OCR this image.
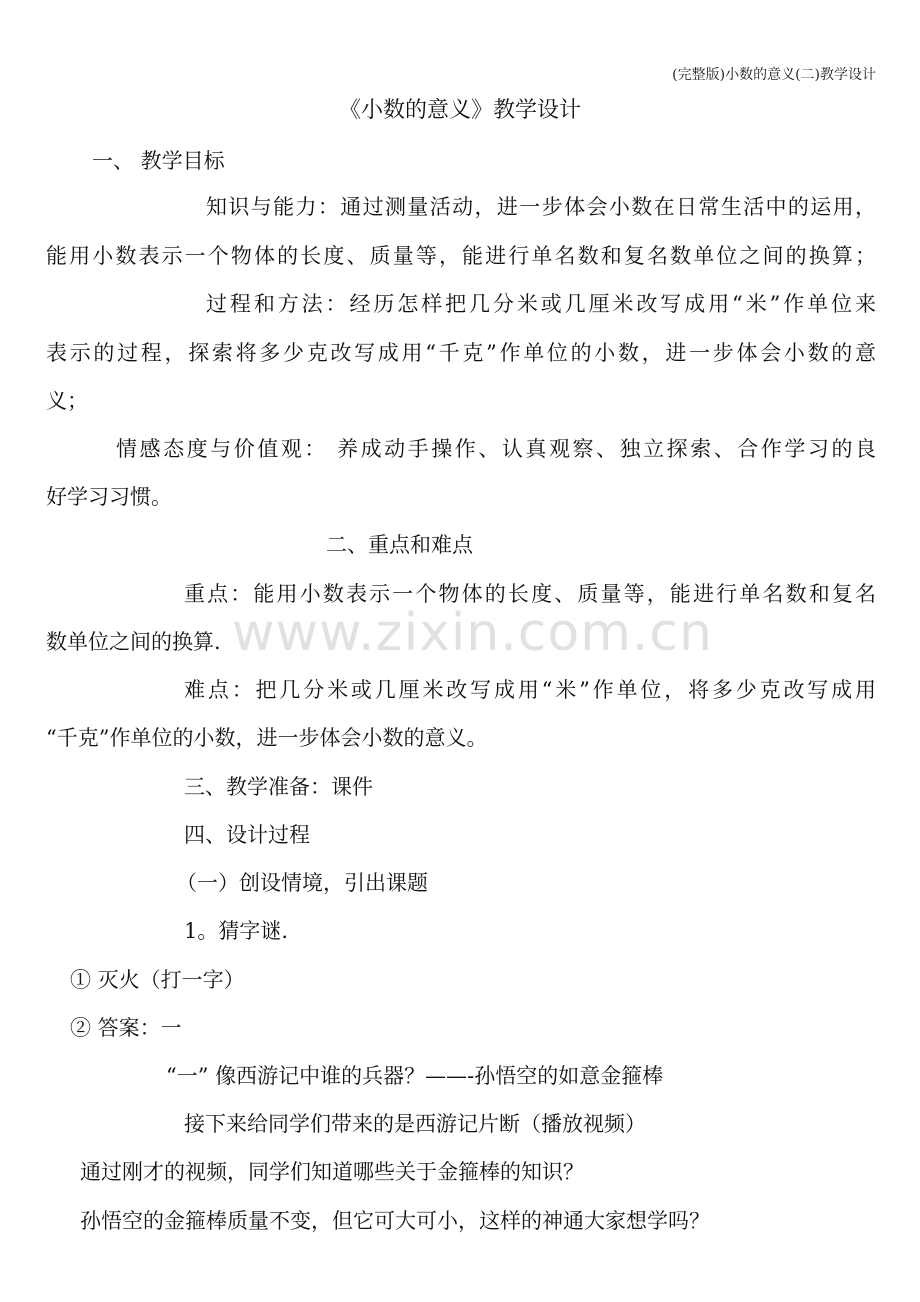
(完整版)小数的意义(二)教学设计
《小数的意义》教学设计
一、 教学目标
知识与能力：通过测量活动，进一步体会小数在日常生活中的运用，
能用小数表示一个物体的长度、质量等，能进行单名数和复名数单位之间的换算；
过程和方法：经历怎样把几分米或几厘米改写成用“米”作单位来
表示的过程，探索将多少克改写成用“千克”作单位的小数，进一步体会小数的意
义；
情感态度与价值观： 养成动手操作、认真观察、独立探索、合作学习的良
好学习习惯。
二、重点和难点
重点：能用小数表示一个物体的长度、质量等，能进行单名数和复名
数单位之间的换算.
难点：把几分米或几厘米改写成用“米”作单位，将多少克改写成用
“千克”作单位的小数，进一步体会小数的意义。
三、教学准备：课件
四、设计过程
（一）创设情境，引出课题
1。猜字谜.
① 灭火（打一字）
② 答案：一
“一” 像西游记中谁的兵器？——-孙悟空的如意金箍棒
接下来给同学们带来的是西游记片断（播放视频）
通过刚才的视频，同学们知道哪些关于金箍棒的知识？
孙悟空的金箍棒质量不变，但它可大可小，这样的神通大家想学吗？
www.zixin.com.cn
